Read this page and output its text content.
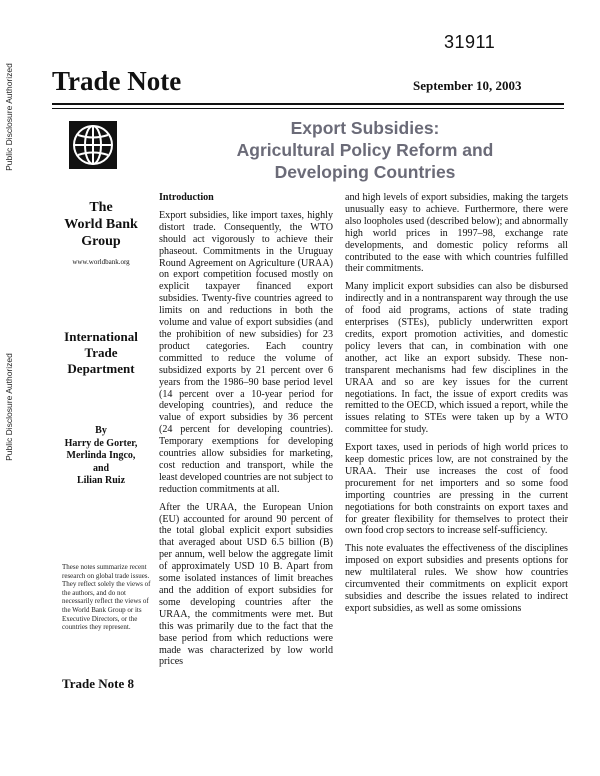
Public Disclosure Authorized
Public Disclosure Authorized
31911
Trade Note	September 10, 2003
Export Subsidies:
Agricultural Policy Reform and
Developing Countries
The
World Bank
Group
www.worldbank.org
International
Trade
Department
By
Harry de Gorter,
Merlinda Ingco,
and
Lilian Ruiz
These notes summarize recent research on global trade issues. They reflect solely the views of the authors, and do not necessarily reflect the views of the World Bank Group or its Executive Directors, or the countries they represent.
Trade Note 8
Introduction

Export subsidies, like import taxes, highly distort trade. Consequently, the WTO should act vigorously to achieve their phaseout. Commitments in the Uruguay Round Agreement on Agriculture (URAA) on export competition focused mostly on explicit taxpayer financed export subsidies. Twenty-five countries agreed to limits on and reductions in both the volume and value of export subsidies (and the prohibition of new subsidies) for 23 product categories. Each country committed to reduce the volume of subsidized exports by 21 percent over 6 years from the 1986–90 base period level (14 percent over a 10-year period for developing countries), and reduce the value of export subsidies by 36 percent (24 percent for developing countries). Temporary exemptions for developing countries allow subsidies for marketing, cost reduction and transport, while the least developed countries are not subject to reduction commitments at all.

After the URAA, the European Union (EU) accounted for around 90 percent of the total global explicit export subsidies that averaged about USD 6.5 billion (B) per annum, well below the aggregate limit of approximately USD 10 B. Apart from some isolated instances of limit breaches and the addition of export subsidies for some developing countries after the URAA, the commitments were met. But this was primarily due to the fact that the base period from which reductions were made was characterized by low world prices

and high levels of export subsidies, making the targets unusually easy to achieve. Furthermore, there were also loopholes used (described below); and abnormally high world prices in 1997–98, exchange rate developments, and domestic policy reforms all contributed to the ease with which countries fulfilled their commitments.

Many implicit export subsidies can also be disbursed indirectly and in a nontransparent way through the use of food aid programs, actions of state trading enterprises (STEs), publicly underwritten export credits, export promotion activities, and domestic policy levers that can, in combination with one another, act like an export subsidy. These non-transparent mechanisms had few disciplines in the URAA and so are key issues for the current negotiations. In fact, the issue of export credits was remitted to the OECD, which issued a report, while the issues relating to STEs were taken up by a WTO committee for study.

Export taxes, used in periods of high world prices to keep domestic prices low, are not constrained by the URAA. Their use increases the cost of food procurement for net importers and so some food importing countries are pressing in the current negotiations for both constraints on export taxes and for greater flexibility for themselves to protect their own food crop sectors to increase self-sufficiency.

This note evaluates the effectiveness of the disciplines imposed on export subsidies and presents options for new multilateral rules. We show how countries circumvented their commitments on explicit export subsidies and describe the issues related to indirect export subsidies, as well as some omissions
